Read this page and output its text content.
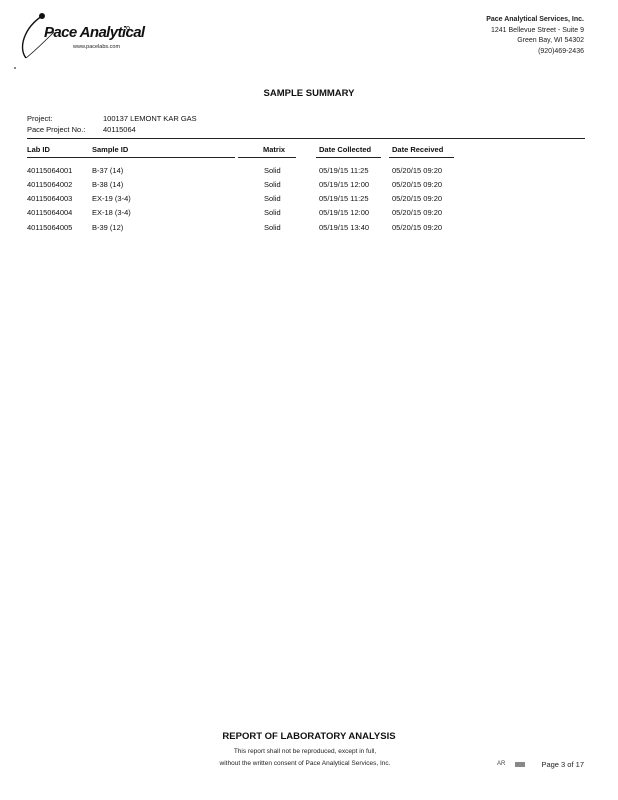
Pace Analytical
www.pacelabs.com
Pace Analytical Services, Inc.
1241 Bellevue Street - Suite 9
Green Bay, WI 54302
(920)469-2436
SAMPLE SUMMARY
Project:	100137 LEMONT KAR GAS
Pace Project No.: 40115064
Lab ID	Sample ID	Matrix	Date Collected	Date Received
40115064001	B-37 (14)	Solid	05/19/15 11:25	05/20/15 09:20
40115064002	B-38 (14)	Solid	05/19/15 12:00	05/20/15 09:20
40115064003	EX-19 (3-4)	Solid	05/19/15 11:25	05/20/15 09:20
40115064004	EX-18 (3-4)	Solid	05/19/15 12:00	05/20/15 09:20
40115064005	B-39 (12)	Solid	05/19/15 13:40	05/20/15 09:20
REPORT OF LABORATORY ANALYSIS
This report shall not be reproduced, except in full,
without the written consent of Pace Analytical Services, Inc.	AR	Page 3 of 17
